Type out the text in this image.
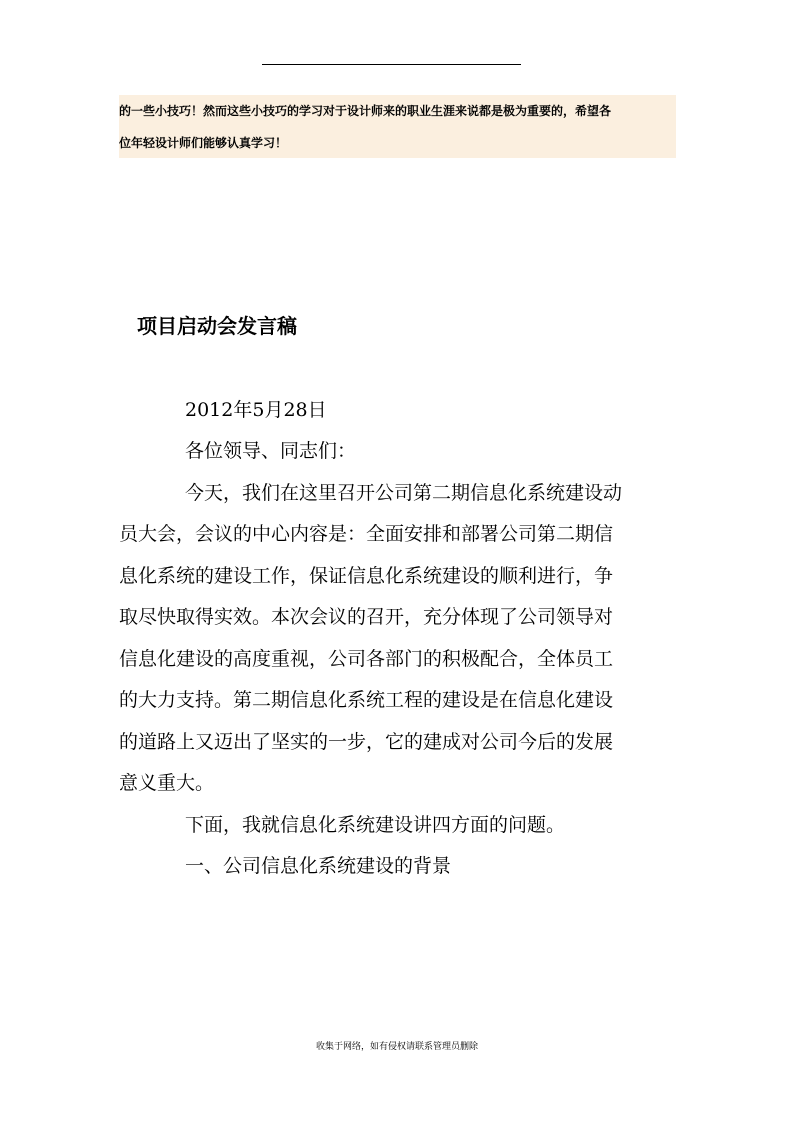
的一些小技巧！然而这些小技巧的学习对于设计师来的职业生涯来说都是极为重要的，希望各
位年轻设计师们能够认真学习！
项目启动会发言稿
2012年5月28日
各位领导、同志们：
今天，我们在这里召开公司第二期信息化系统建设动
员大会，会议的中心内容是：全面安排和部署公司第二期信
息化系统的建设工作，保证信息化系统建设的顺利进行，争
取尽快取得实效。本次会议的召开，充分体现了公司领导对
信息化建设的高度重视，公司各部门的积极配合，全体员工
的大力支持。第二期信息化系统工程的建设是在信息化建设
的道路上又迈出了坚实的一步，它的建成对公司今后的发展
意义重大。
下面，我就信息化系统建设讲四方面的问题。
一、公司信息化系统建设的背景
收集于网络，如有侵权请联系管理员删除
